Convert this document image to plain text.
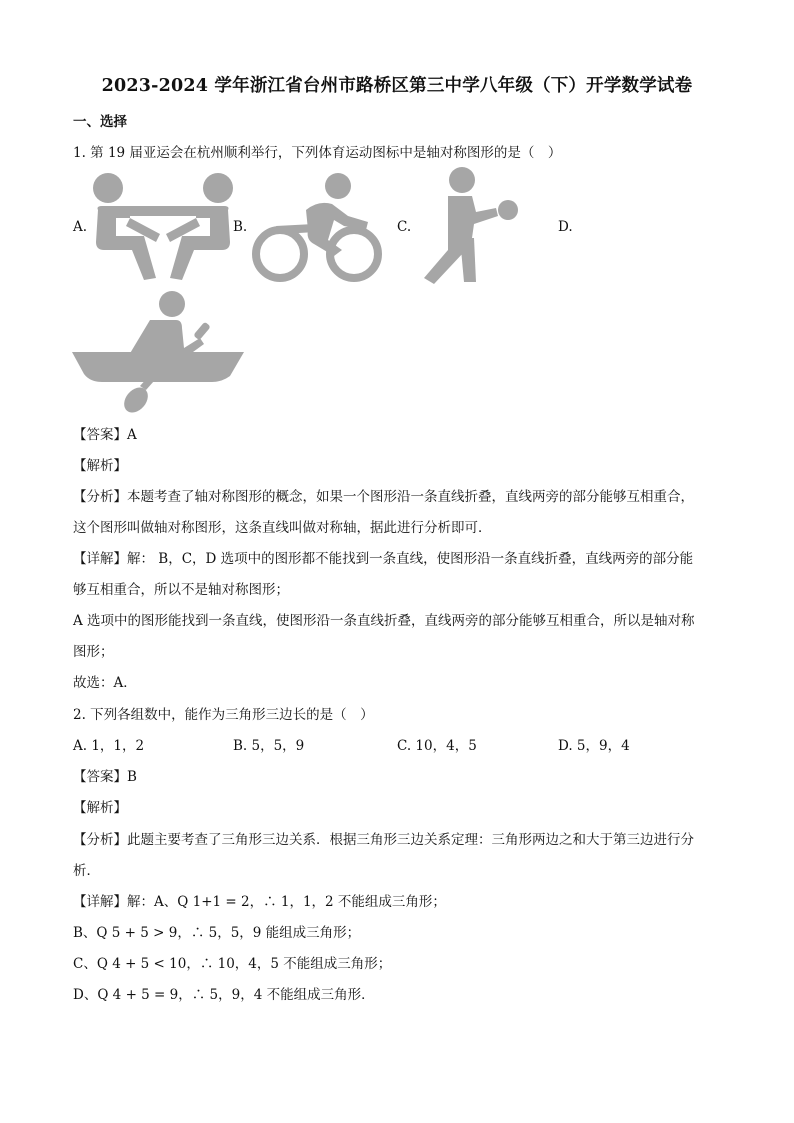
2023-2024 学年浙江省台州市路桥区第三中学八年级（下）开学数学试卷
一、选择
1. 第 19 届亚运会在杭州顺利举行，下列体育运动图标中是轴对称图形的是（　）
A.	B.	C.	D.
【答案】A
【解析】
【分析】本题考查了轴对称图形的概念，如果一个图形沿一条直线折叠，直线两旁的部分能够互相重合，
这个图形叫做轴对称图形，这条直线叫做对称轴，据此进行分析即可．
【详解】解： B，C，D 选项中的图形都不能找到一条直线，使图形沿一条直线折叠，直线两旁的部分能
够互相重合，所以不是轴对称图形；
A 选项中的图形能找到一条直线，使图形沿一条直线折叠，直线两旁的部分能够互相重合，所以是轴对称
图形；
故选：A．
2. 下列各组数中，能作为三角形三边长的是（　）
A. 1，1，2	B. 5，5，9	C. 10，4，5	D. 5，9，4
【答案】B
【解析】
【分析】此题主要考查了三角形三边关系．根据三角形三边关系定理：三角形两边之和大于第三边进行分
析．
【详解】解：A、Q 1+1 = 2，∴ 1，1，2 不能组成三角形；
B、Q 5 + 5 > 9，∴ 5，5，9 能组成三角形；
C、Q 4 + 5 < 10，∴ 10，4，5 不能组成三角形；
D、Q 4 + 5 = 9，∴ 5，9，4 不能组成三角形．
